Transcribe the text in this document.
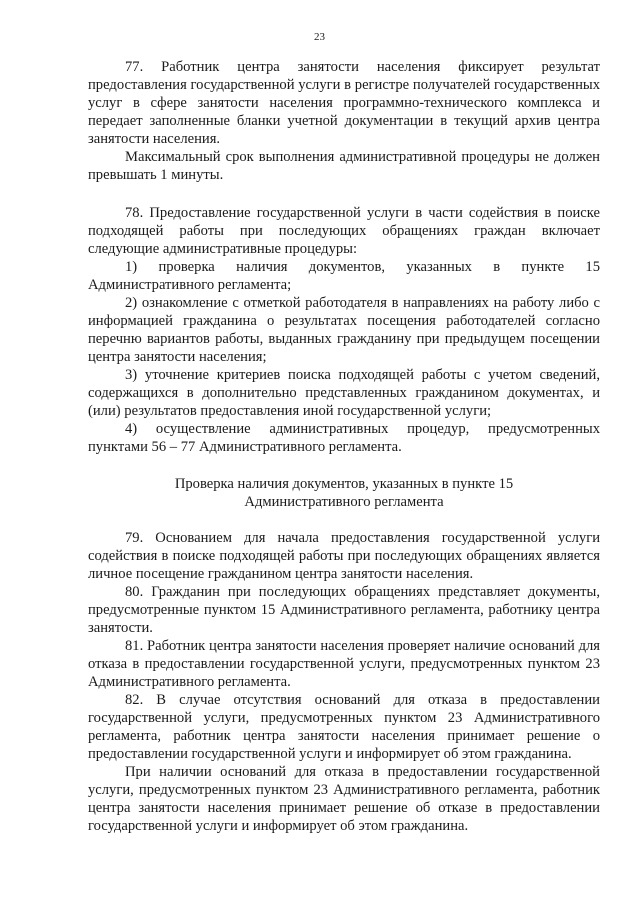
23

77. Работник центра занятости населения фиксирует результат предоставления государственной услуги в регистре получателей государственных услуг в сфере занятости населения программно-технического комплекса и передает заполненные бланки учетной документации в текущий архив центра занятости населения.

Максимальный срок выполнения административной процедуры не должен превышать 1 минуты.

78. Предоставление государственной услуги в части содействия в поиске подходящей работы при последующих обращениях граждан включает следующие административные процедуры:

1) проверка наличия документов, указанных в пункте 15 Административного регламента;

2) ознакомление с отметкой работодателя в направлениях на работу либо с информацией гражданина о результатах посещения работодателей согласно перечню вариантов работы, выданных гражданину при предыдущем посещении центра занятости населения;

3) уточнение критериев поиска подходящей работы с учетом сведений, содержащихся в дополнительно представленных гражданином документах, и (или) результатов предоставления иной государственной услуги;

4) осуществление административных процедур, предусмотренных пунктами 56 – 77 Административного регламента.

Проверка наличия документов, указанных в пункте 15
Административного регламента

79. Основанием для начала предоставления государственной услуги содействия в поиске подходящей работы при последующих обращениях является личное посещение гражданином центра занятости населения.

80. Гражданин при последующих обращениях представляет документы, предусмотренные пунктом 15 Административного регламента, работнику центра занятости.

81. Работник центра занятости населения проверяет наличие оснований для отказа в предоставлении государственной услуги, предусмотренных пунктом 23 Административного регламента.

82. В случае отсутствия оснований для отказа в предоставлении государственной услуги, предусмотренных пунктом 23 Административного регламента, работник центра занятости населения принимает решение о предоставлении государственной услуги и информирует об этом гражданина.

При наличии оснований для отказа в предоставлении государственной услуги, предусмотренных пунктом 23 Административного регламента, работник центра занятости населения принимает решение об отказе в предоставлении государственной услуги и информирует об этом гражданина.
